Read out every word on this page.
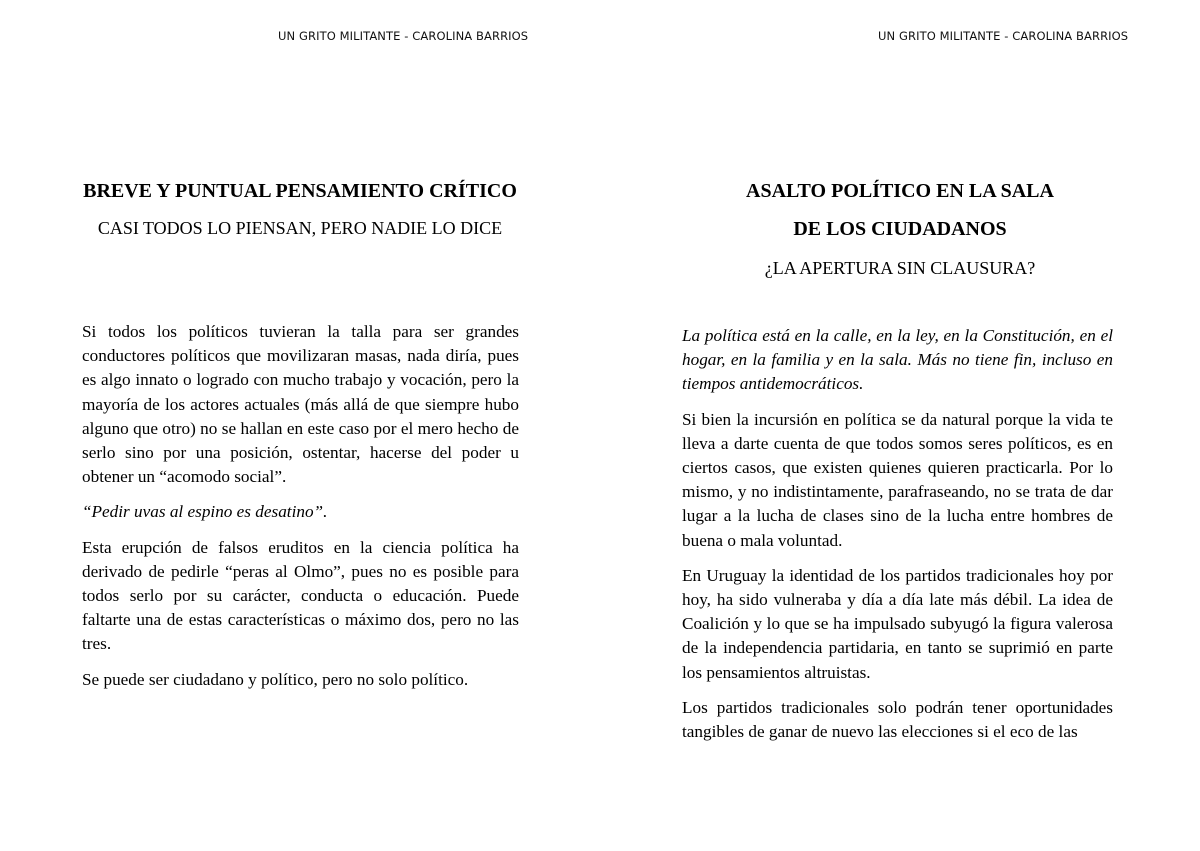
UN GRITO MILITANTE - CAROLINA BARRIOS
BREVE Y PUNTUAL PENSAMIENTO CRÍTICO
CASI TODOS LO PIENSAN, PERO NADIE LO DICE

Si todos los políticos tuvieran la talla para ser grandes conductores políticos que movilizaran masas, nada diría, pues es algo innato o logrado con mucho trabajo y vocación, pero la mayoría de los actores actuales (más allá de que siempre hubo alguno que otro) no se hallan en este caso por el mero hecho de serlo sino por una posición, ostentar, hacerse del poder u obtener un “acomodo social”.

“Pedir uvas al espino es desatino”.

Esta erupción de falsos eruditos en la ciencia política ha derivado de pedirle “peras al Olmo”, pues no es posible para todos serlo por su carácter, conducta o educación. Puede faltarte una de estas características o máximo dos, pero no las tres.

Se puede ser ciudadano y político, pero no solo político.

UN GRITO MILITANTE - CAROLINA BARRIOS
ASALTO POLÍTICO EN LA SALA
DE LOS CIUDADANOS
¿LA APERTURA SIN CLAUSURA?

La política está en la calle, en la ley, en la Constitución, en el hogar, en la familia y en la sala. Más no tiene fin, incluso en tiempos antidemocráticos.

Si bien la incursión en política se da natural porque la vida te lleva a darte cuenta de que todos somos seres políticos, es en ciertos casos, que existen quienes quieren practicarla. Por lo mismo, y no indistintamente, parafraseando, no se trata de dar lugar a la lucha de clases sino de la lucha entre hombres de buena o mala voluntad.

En Uruguay la identidad de los partidos tradicionales hoy por hoy, ha sido vulneraba y día a día late más débil. La idea de Coalición y lo que se ha impulsado subyugó la figura valerosa de la independencia partidaria, en tanto se suprimió en parte los pensamientos altruistas.

Los partidos tradicionales solo podrán tener oportunidades tangibles de ganar de nuevo las elecciones si el eco de las
